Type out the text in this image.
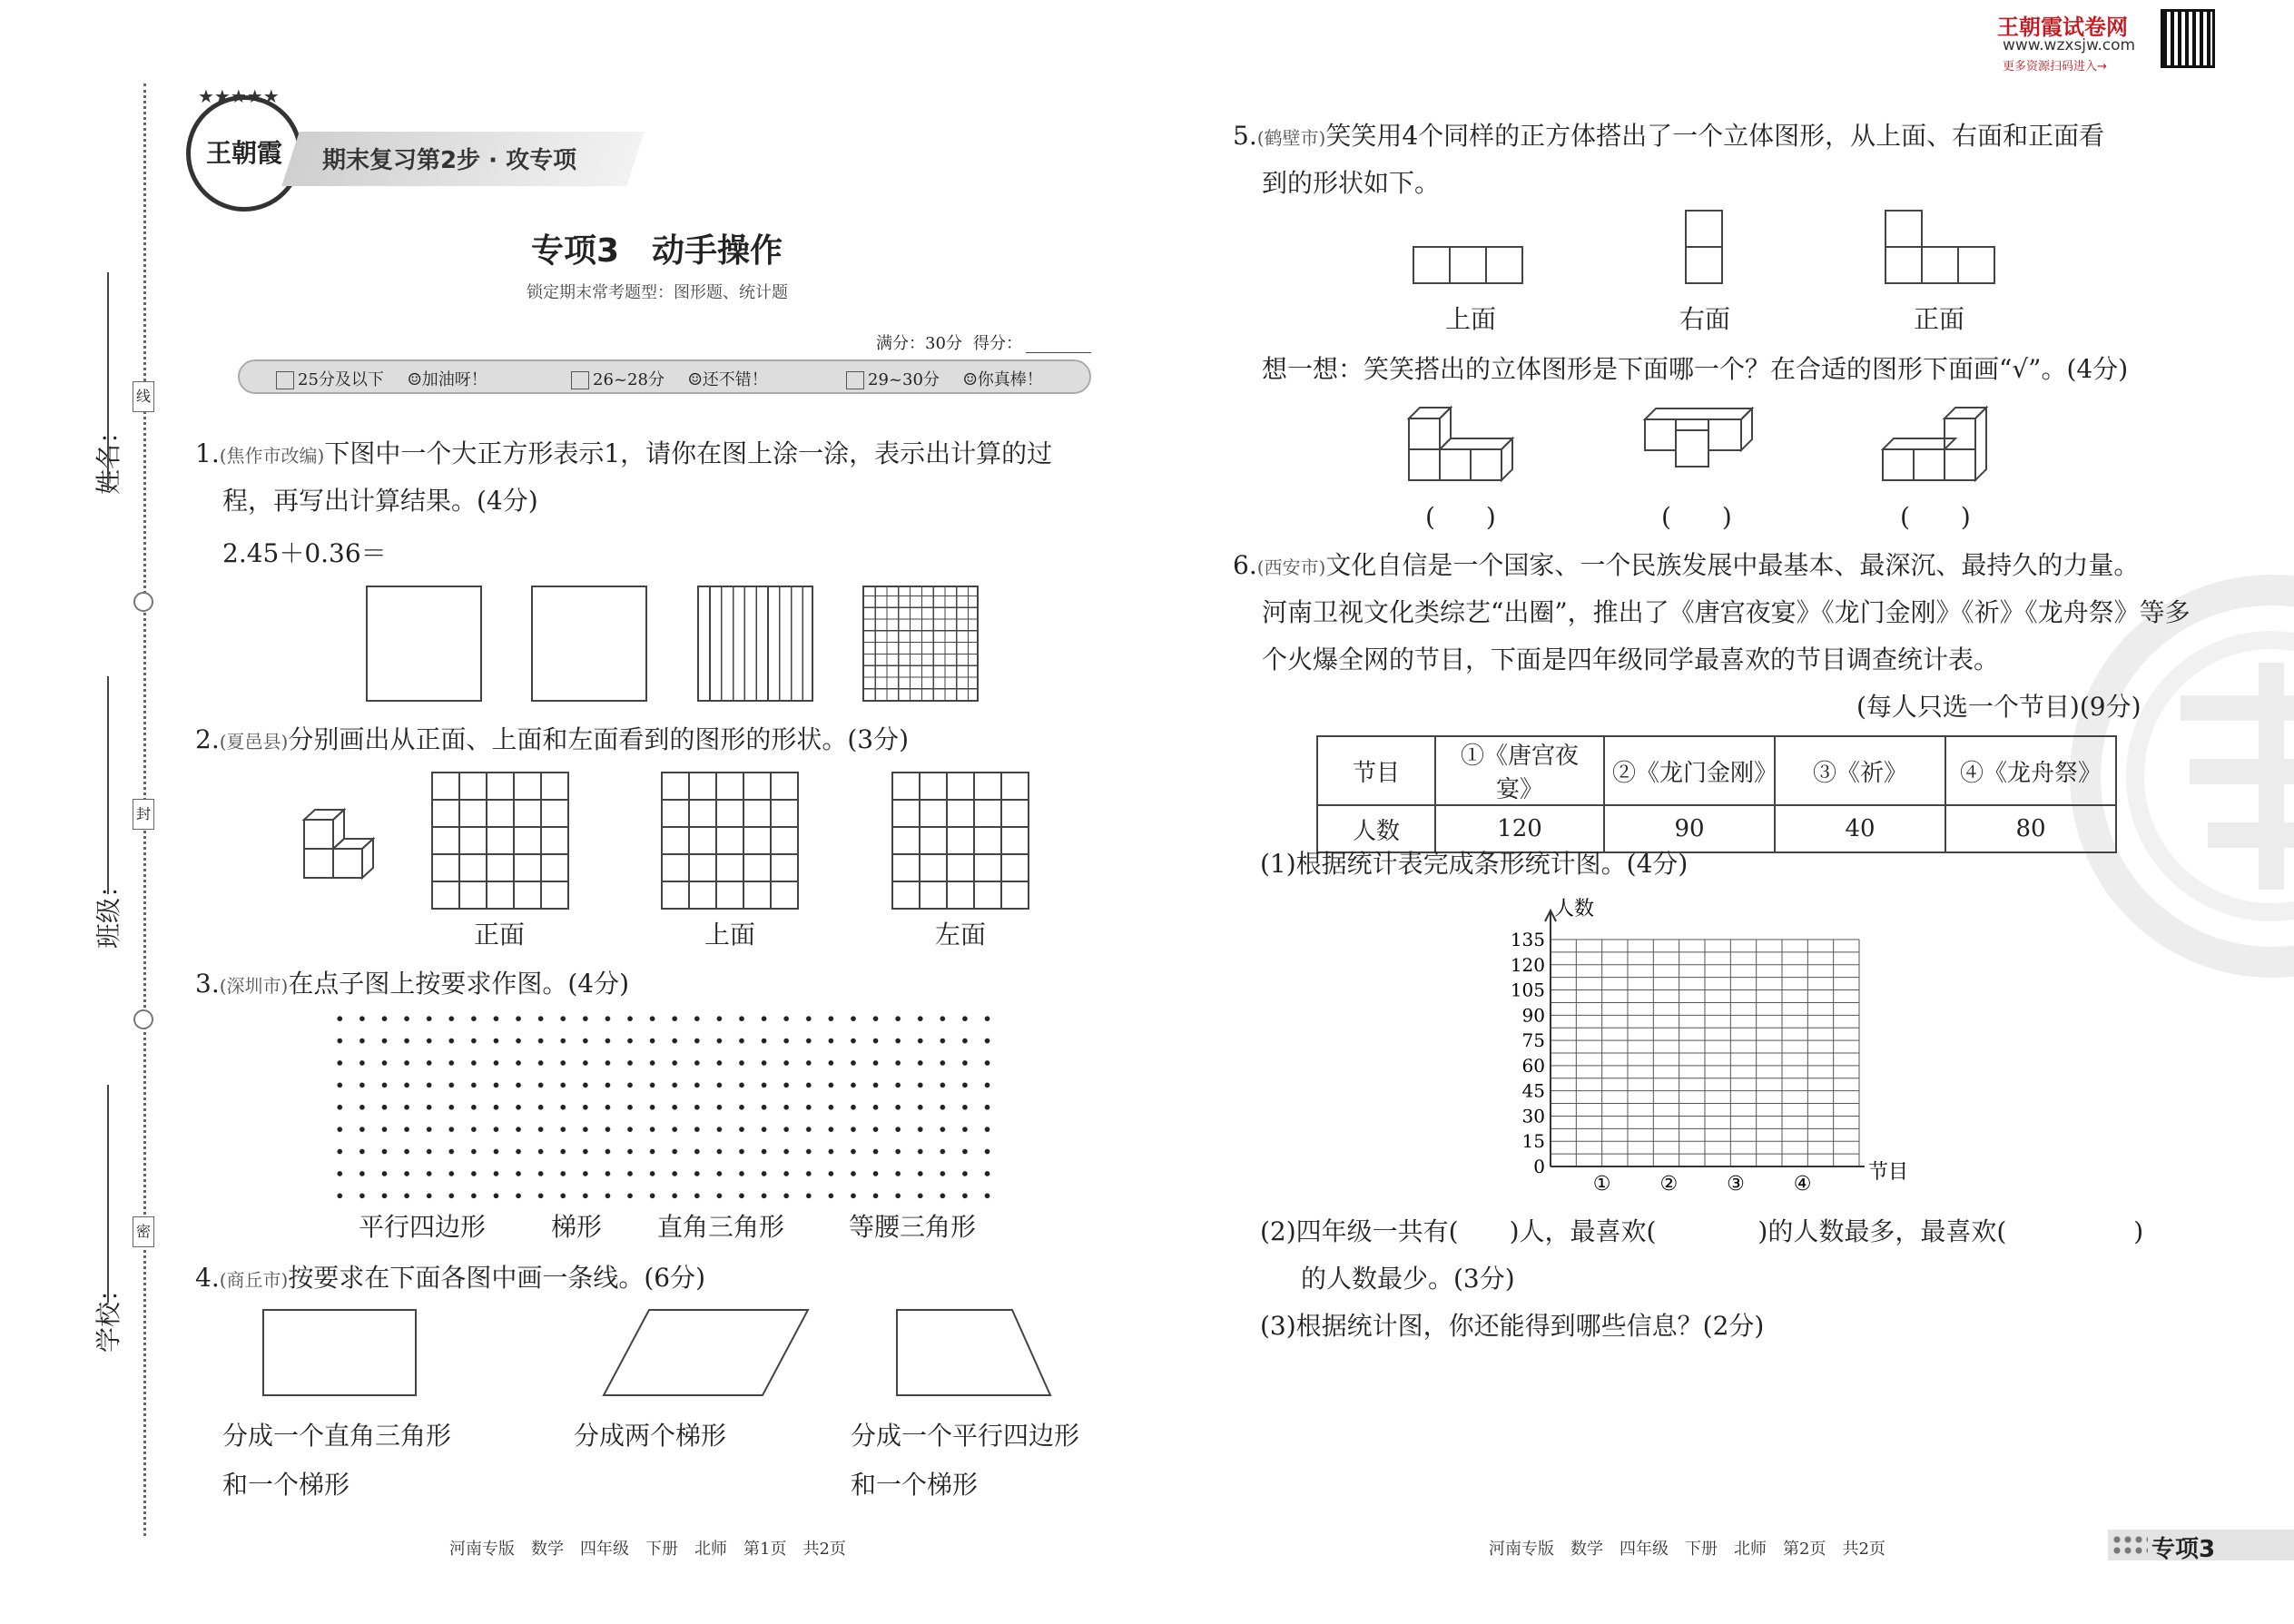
线
封
密
姓名：
班级：
学校：
★★★★★
王朝霞	期末复习第2步 · 攻专项
专项3　动手操作
锁定期末常考题型：图形题、统计题
满分：30分 得分：
25分及以下 ☺加油呀！	26~28分 ☺还不错！	29~30分 ☺你真棒！
1.(焦作市改编)下图中一个大正方形表示1，请你在图上涂一涂，表示出计算的过
程，再写出计算结果。(4分)
2.45＋0.36＝
2.(夏邑县)分别画出从正面、上面和左面看到的图形的形状。(3分)
正面	上面	左面
3.(深圳市)在点子图上按要求作图。(4分)
平行四边形	梯形 直角三角形	等腰三角形
4.(商丘市)按要求在下面各图中画一条线。(6分)
分成一个直角三角形
和一个梯形
分成两个梯形	分成一个平行四边形
和一个梯形
河南专版　数学　四年级　下册　北师　第1页　共2页
王朝霞试卷网
www.wzxsjw.com
更多资源扫码进入→
5.(鹤壁市)笑笑用4个同样的正方体搭出了一个立体图形，从上面、右面和正面看
到的形状如下。
上面	右面	正面
想一想：笑笑搭出的立体图形是下面哪一个？在合适的图形下面画“√”。(4分)
(　　)	(　　)	(　　)
6.(西安市)文化自信是一个国家、一个民族发展中最基本、最深沉、最持久的力量。
河南卫视文化类综艺“出圈”，推出了《唐宫夜宴》《龙门金刚》《祈》《龙舟祭》等多
个火爆全网的节目，下面是四年级同学最喜欢的节目调查统计表。
(每人只选一个节目)(9分)
节目	①《唐宫夜宴》	②《龙门金刚》	③《祈》	④《龙舟祭》
人数	120	90	40	80
(1)根据统计表完成条形统计图。(4分)
人数
节目
0
15
30
45
60
75
90
105
120
135
① ② ③ ④
(2)四年级一共有(　　)人，最喜欢(　　　　)的人数最多，最喜欢(　　　　　)
的人数最少。(3分)
(3)根据统计图，你还能得到哪些信息？(2分)
河南专版　数学　四年级　下册　北师　第2页　共2页	专项3
